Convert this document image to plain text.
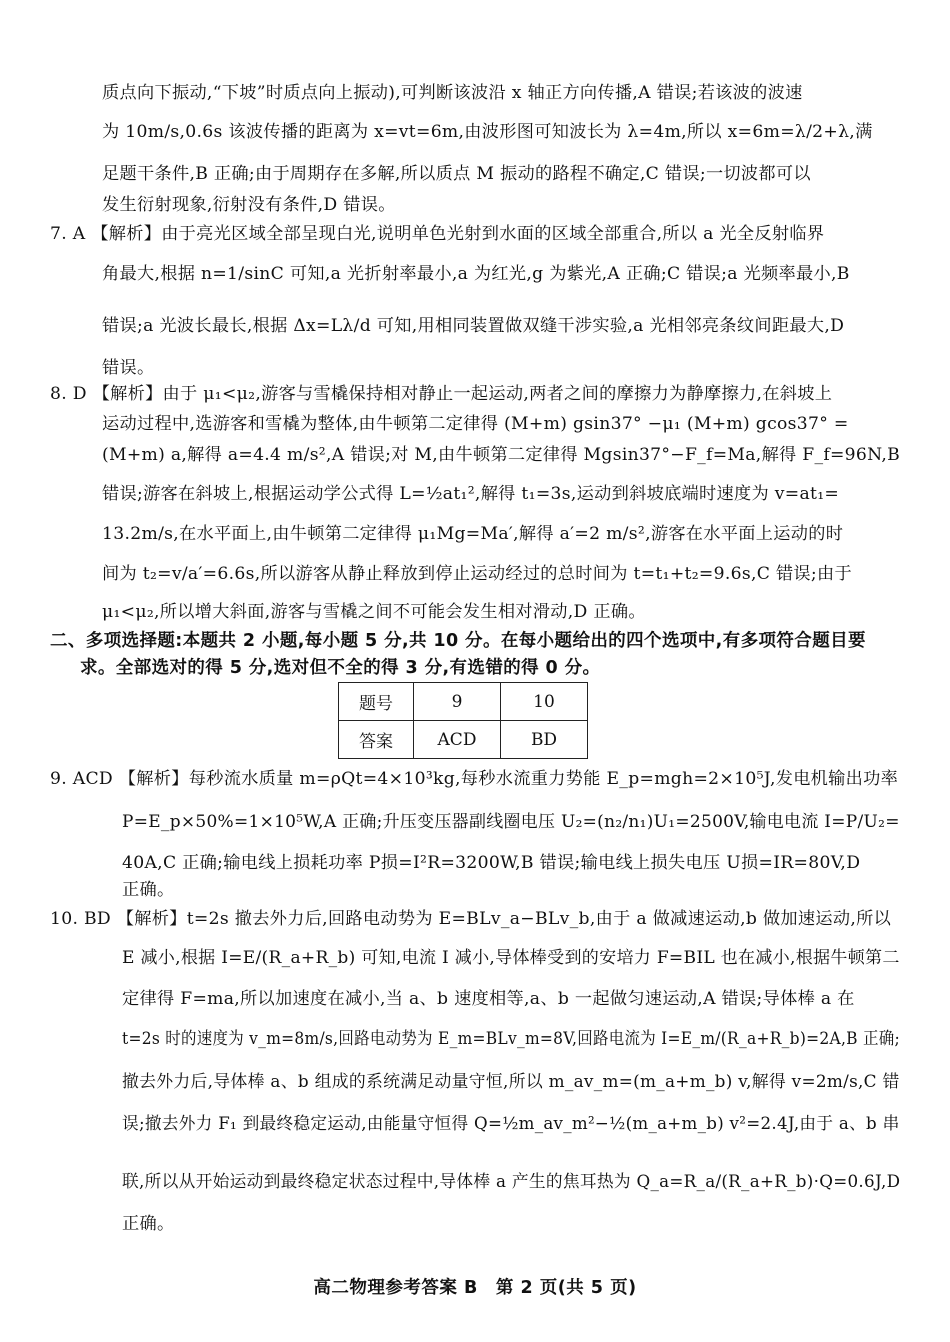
质点向下振动,“下坡”时质点向上振动),可判断该波沿 x 轴正方向传播,A 错误;若该波的波速
为 10m/s,0.6s 该波传播的距离为 x=vt=6m,由波形图可知波长为 λ=4m,所以 x=6m=λ/2+λ,满
足题干条件,B 正确;由于周期存在多解,所以质点 M 振动的路程不确定,C 错误;一切波都可以
发生衍射现象,衍射没有条件,D 错误。
7. A 【解析】由于亮光区域全部呈现白光,说明单色光射到水面的区域全部重合,所以 a 光全反射临界
角最大,根据 n=1/sinC 可知,a 光折射率最小,a 为红光,g 为紫光,A 正确;C 错误;a 光频率最小,B
错误;a 光波长最长,根据 Δx=Lλ/d 可知,用相同装置做双缝干涉实验,a 光相邻亮条纹间距最大,D
错误。
8. D 【解析】由于 μ₁<μ₂,游客与雪橇保持相对静止一起运动,两者之间的摩擦力为静摩擦力,在斜坡上
运动过程中,选游客和雪橇为整体,由牛顿第二定律得 (M+m) gsin37° −μ₁ (M+m) gcos37° =
(M+m) a,解得 a=4.4 m/s²,A 错误;对 M,由牛顿第二定律得 Mgsin37°−F_f=Ma,解得 F_f=96N,B
错误;游客在斜坡上,根据运动学公式得 L=½at₁²,解得 t₁=3s,运动到斜坡底端时速度为 v=at₁=
13.2m/s,在水平面上,由牛顿第二定律得 μ₁Mg=Ma′,解得 a′=2 m/s²,游客在水平面上运动的时
间为 t₂=v/a′=6.6s,所以游客从静止释放到停止运动经过的总时间为 t=t₁+t₂=9.6s,C 错误;由于
μ₁<μ₂,所以增大斜面,游客与雪橇之间不可能会发生相对滑动,D 正确。
二、多项选择题:本题共 2 小题,每小题 5 分,共 10 分。在每小题给出的四个选项中,有多项符合题目要
求。全部选对的得 5 分,选对但不全的得 3 分,有选错的得 0 分。
题号	9	10
答案	ACD	BD
9. ACD 【解析】每秒流水质量 m=ρQt=4×10³kg,每秒水流重力势能 E_p=mgh=2×10⁵J,发电机输出功率
P=E_p×50%=1×10⁵W,A 正确;升压变压器副线圈电压 U₂=(n₂/n₁)U₁=2500V,输电电流 I=P/U₂=
40A,C 正确;输电线上损耗功率 P损=I²R=3200W,B 错误;输电线上损失电压 U损=IR=80V,D
正确。
10. BD 【解析】t=2s 撤去外力后,回路电动势为 E=BLv_a−BLv_b,由于 a 做减速运动,b 做加速运动,所以
E 减小,根据 I=E/(R_a+R_b) 可知,电流 I 减小,导体棒受到的安培力 F=BIL 也在减小,根据牛顿第二
定律得 F=ma,所以加速度在减小,当 a、b 速度相等,a、b 一起做匀速运动,A 错误;导体棒 a 在
t=2s 时的速度为 v_m=8m/s,回路电动势为 E_m=BLv_m=8V,回路电流为 I=E_m/(R_a+R_b)=2A,B 正确;
撤去外力后,导体棒 a、b 组成的系统满足动量守恒,所以 m_av_m=(m_a+m_b) v,解得 v=2m/s,C 错
误;撤去外力 F₁ 到最终稳定运动,由能量守恒得 Q=½m_av_m²−½(m_a+m_b) v²=2.4J,由于 a、b 串
联,所以从开始运动到最终稳定状态过程中,导体棒 a 产生的焦耳热为 Q_a=R_a/(R_a+R_b)·Q=0.6J,D
正确。
高二物理参考答案 B　第 2 页(共 5 页)
